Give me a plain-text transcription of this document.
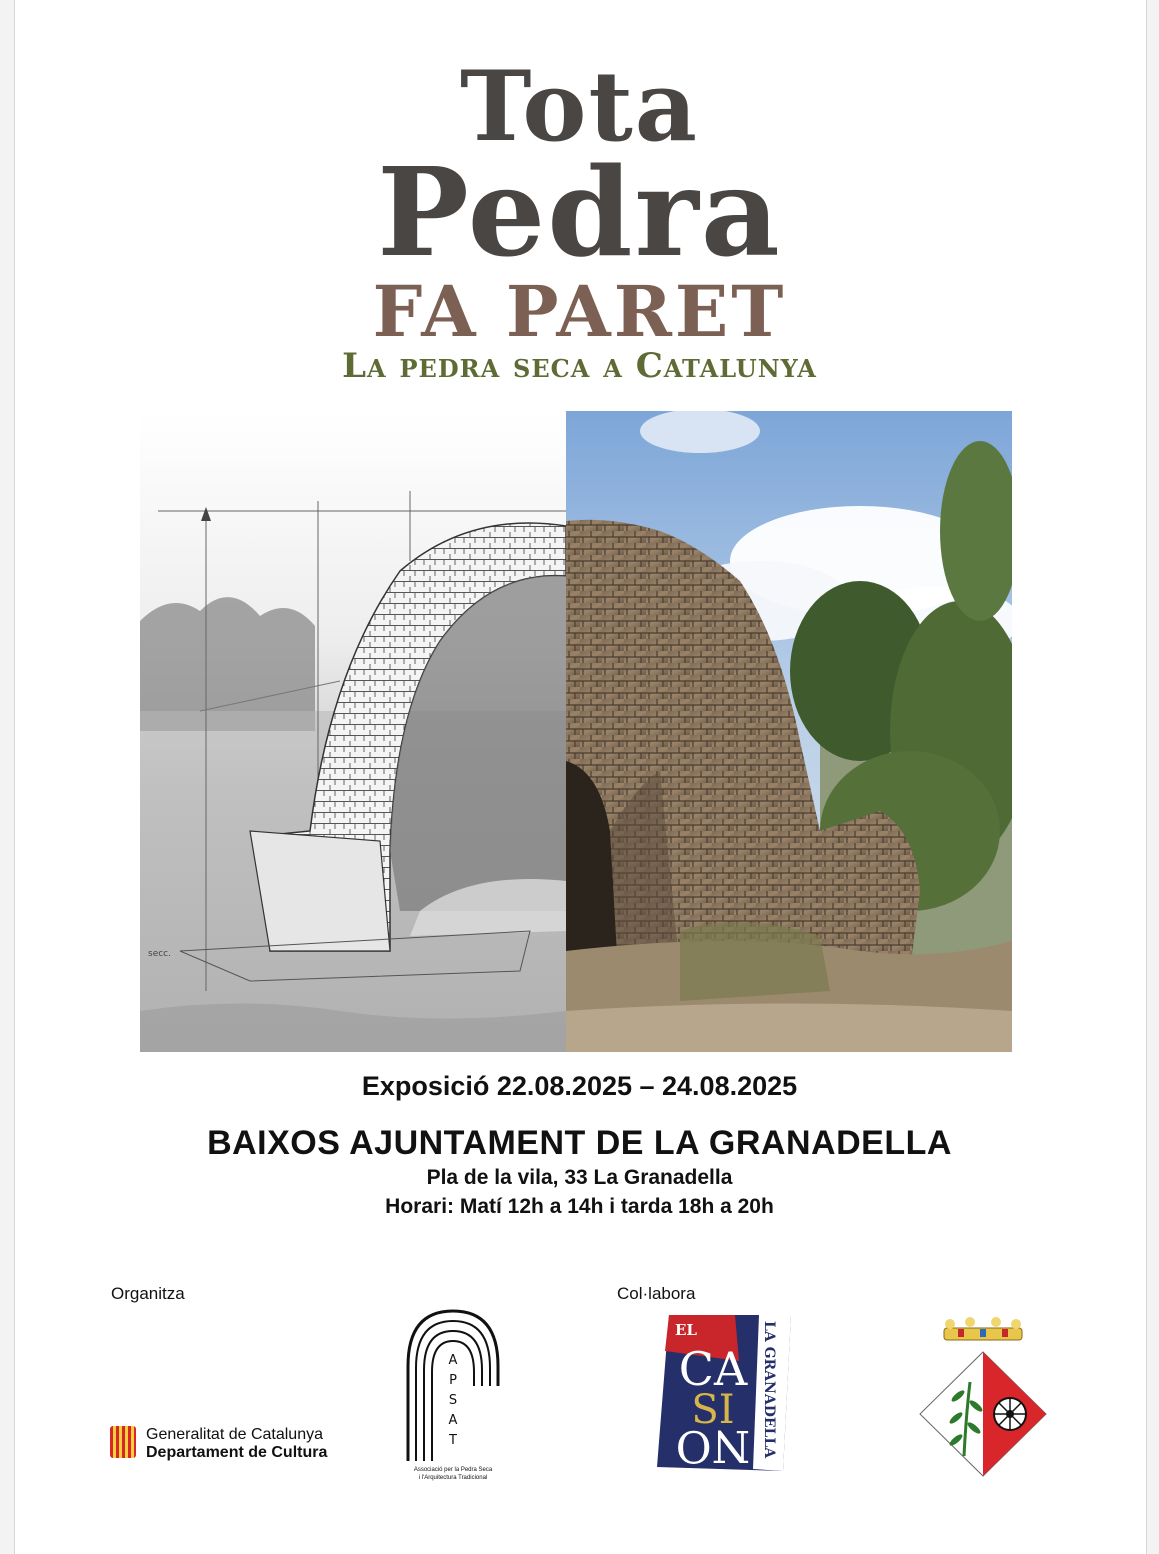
Tota
Pedra
FA PARET
La pedra seca a Catalunya
secc.
Exposició 22.08.2025 – 24.08.2025
BAIXOS AJUNTAMENT DE LA GRANADELLA
Pla de la vila, 33 La Granadella
Horari: Matí 12h a 14h i tarda 18h a 20h
Organitza	Col·labora
Generalitat de Catalunya
Departament de Cultura
A
P
S
A
T
Associació per la Pedra Seca
i l'Arquitectura Tradicional
EL
CA
SI
NO LA GRANADELLA
